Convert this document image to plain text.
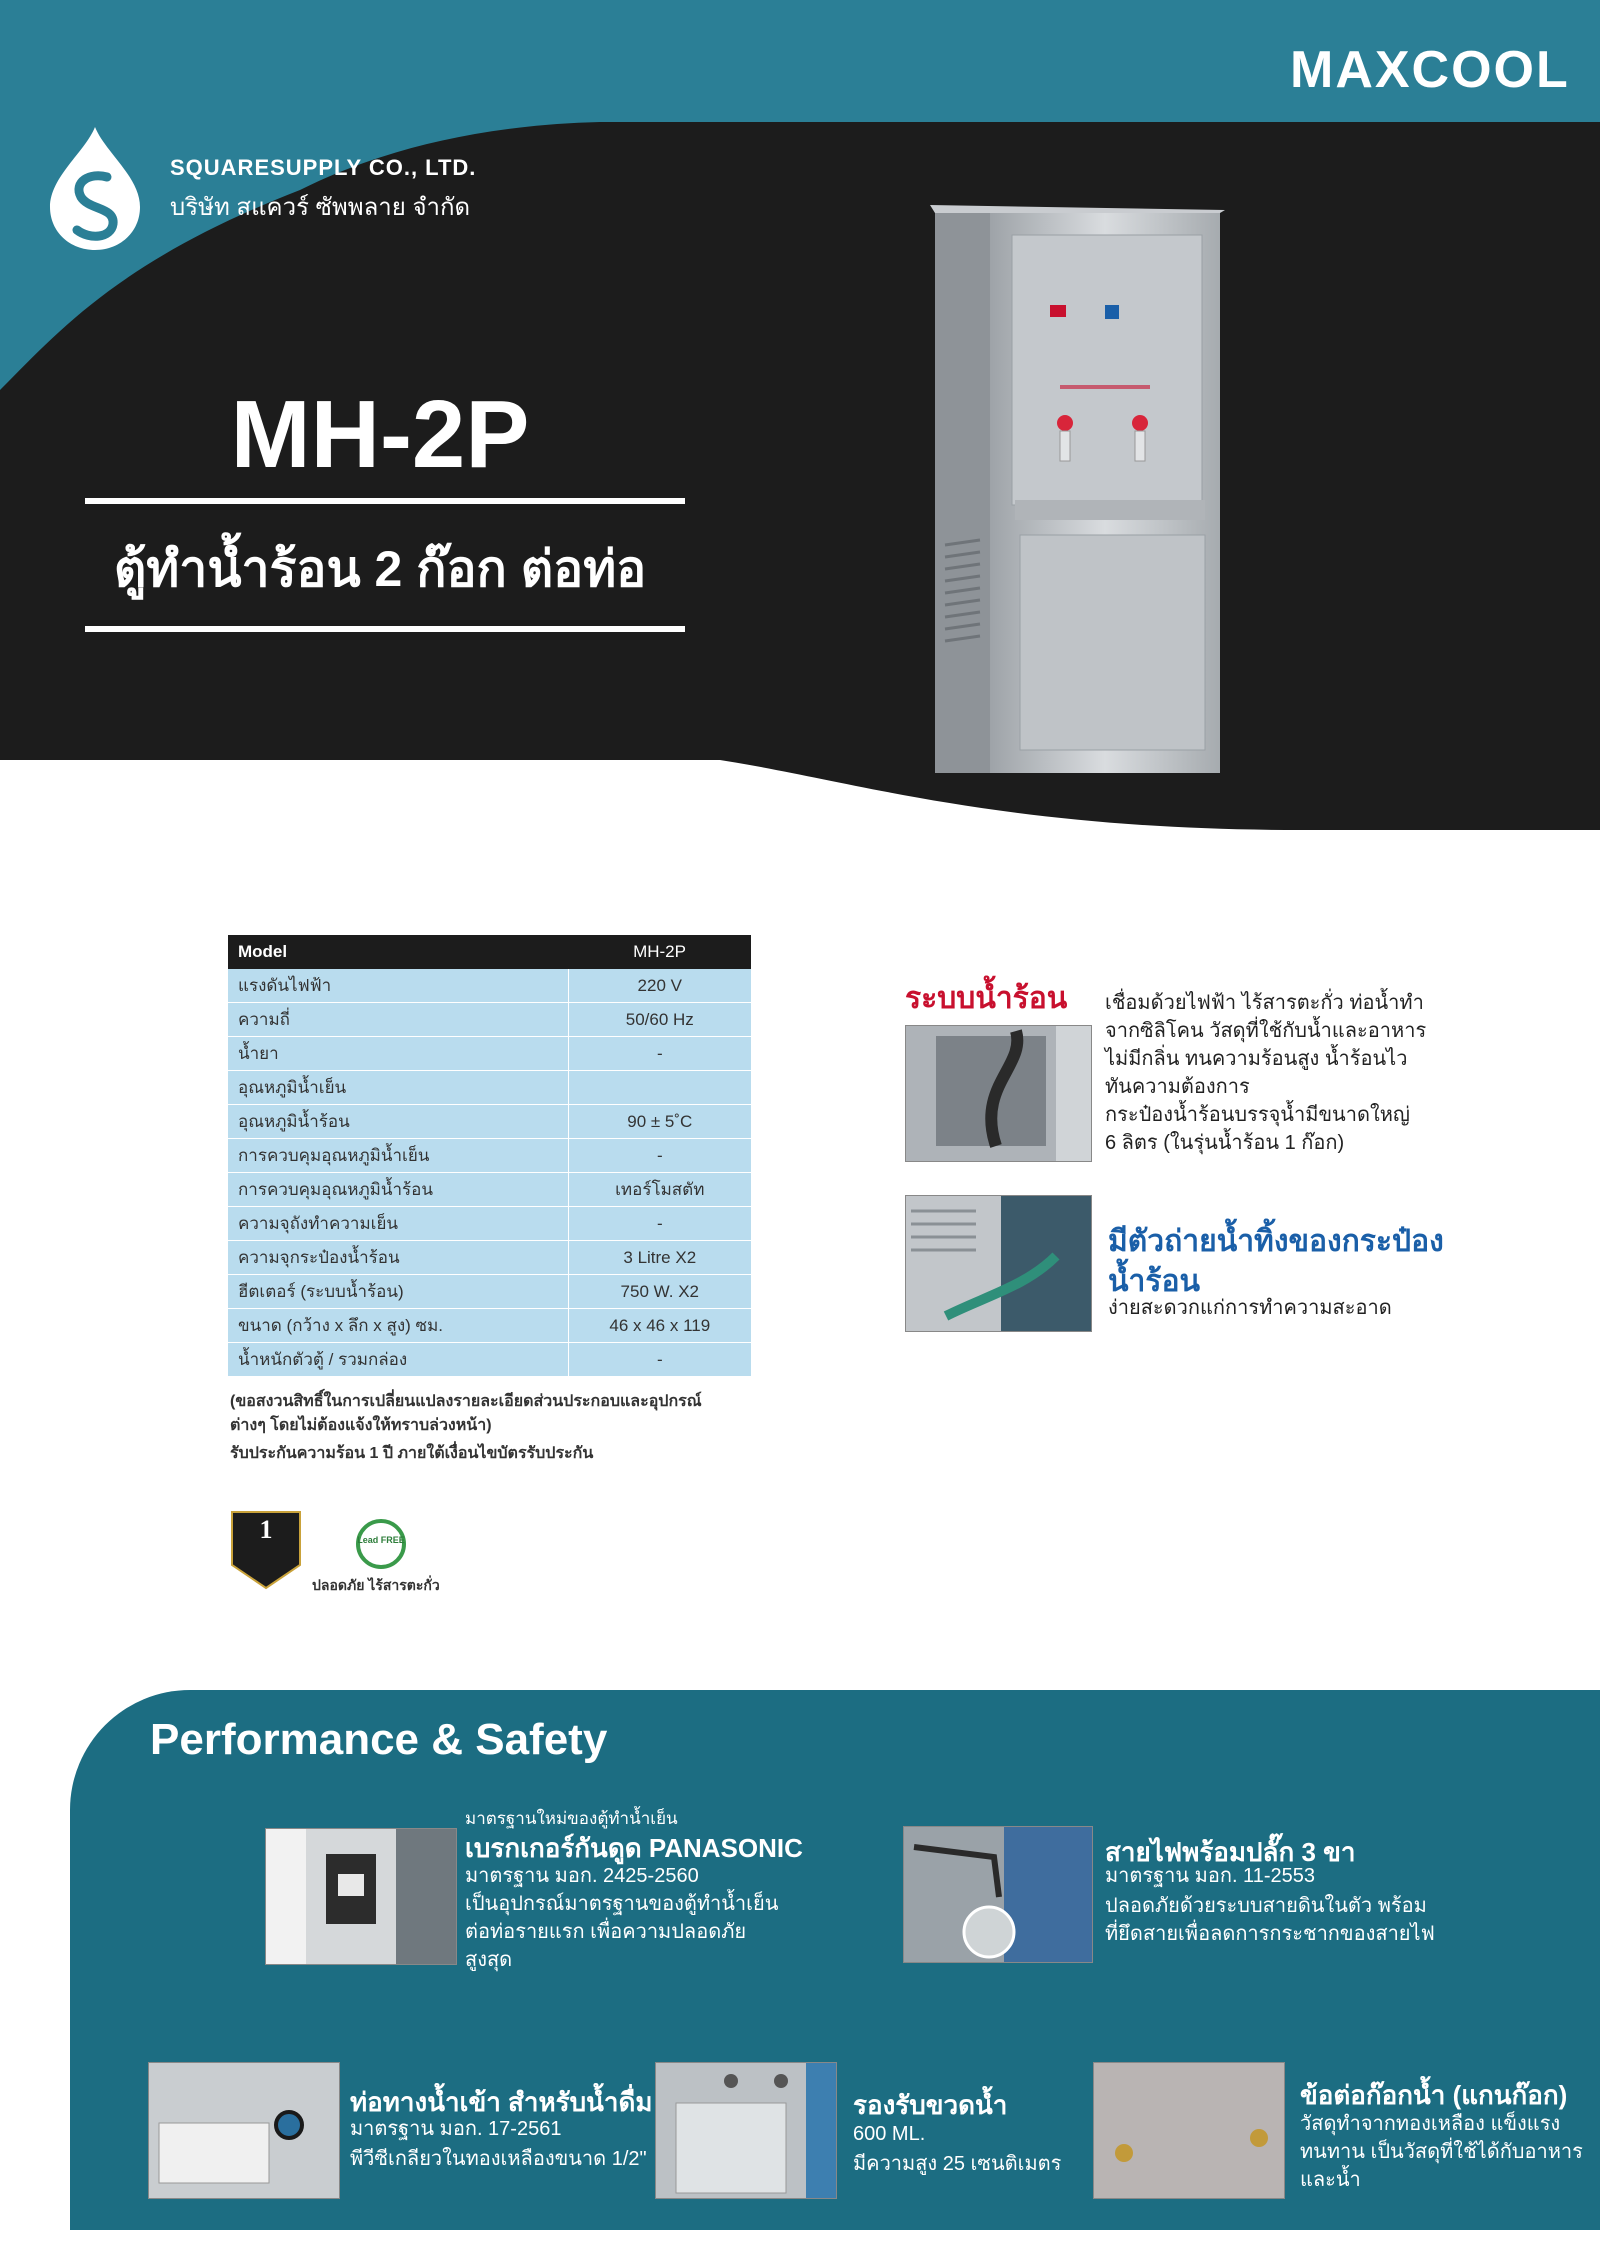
MAXCOOL
SQUARESUPPLY CO., LTD.
บริษัท สแควร์ ซัพพลาย จำกัด
MH-2P
ตู้ทำน้ำร้อน 2 ก๊อก ต่อท่อ
Model	MH-2P
แรงดันไฟฟ้า	220 V
ความถี่	50/60 Hz
น้ำยา	-
อุณหภูมิน้ำเย็น	
อุณหภูมิน้ำร้อน	90 ± 5˚C
การควบคุมอุณหภูมิน้ำเย็น	-
การควบคุมอุณหภูมิน้ำร้อน	เทอร์โมสตัท
ความจุถังทำความเย็น	-
ความจุกระป๋องน้ำร้อน	3 Litre X2
ฮีตเตอร์ (ระบบน้ำร้อน)	750 W. X2
ขนาด (กว้าง x ลึก x สูง) ซม.	46 x 46 x 119
น้ำหนักตัวตู้ / รวมกล่อง	-
(ขอสงวนสิทธิ์ในการเปลี่ยนแปลงรายละเอียดส่วนประกอบและอุปกรณ์
ต่างๆ โดยไม่ต้องแจ้งให้ทราบล่วงหน้า)
รับประกันความร้อน 1 ปี ภายใต้เงื่อนไขบัตรรับประกัน
1	Lead FREE
ปลอดภัย ไร้สารตะกั่ว
ระบบน้ำร้อน เชื่อมด้วยไฟฟ้า ไร้สารตะกั่ว ท่อน้ำทำ
จากซิลิโคน วัสดุที่ใช้กับน้ำและอาหาร
ไม่มีกลิ่น ทนความร้อนสูง น้ำร้อนไว
ทันความต้องการ
กระป๋องน้ำร้อนบรรจุน้ำมีขนาดใหญ่
6 ลิตร (ในรุ่นน้ำร้อน 1 ก๊อก)
มีตัวถ่ายน้ำทิ้งของกระป๋อง
น้ำร้อน
ง่ายสะดวกแก่การทำความสะอาด
Performance & Safety
มาตรฐานใหม่ของตู้ทำน้ำเย็น
เบรกเกอร์กันดูด PANASONIC
มาตรฐาน มอก. 2425-2560
เป็นอุปกรณ์มาตรฐานของตู้ทำน้ำเย็น
ต่อท่อรายแรก เพื่อความปลอดภัย
สูงสุด
สายไฟพร้อมปลั๊ก 3 ขา
มาตรฐาน มอก. 11-2553
ปลอดภัยด้วยระบบสายดินในตัว พร้อม
ที่ยึดสายเพื่อลดการกระชากของสายไฟ
ท่อทางน้ำเข้า สำหรับน้ำดื่ม
มาตรฐาน มอก. 17-2561
พีวีซีเกลียวในทองเหลืองขนาด 1/2"
รองรับขวดน้ำ
600 ML.
มีความสูง 25 เซนติเมตร
ข้อต่อก๊อกน้ำ (แกนก๊อก)
วัสดุทำจากทองเหลือง แข็งแรง
ทนทาน เป็นวัสดุที่ใช้ได้กับอาหาร
และน้ำ
